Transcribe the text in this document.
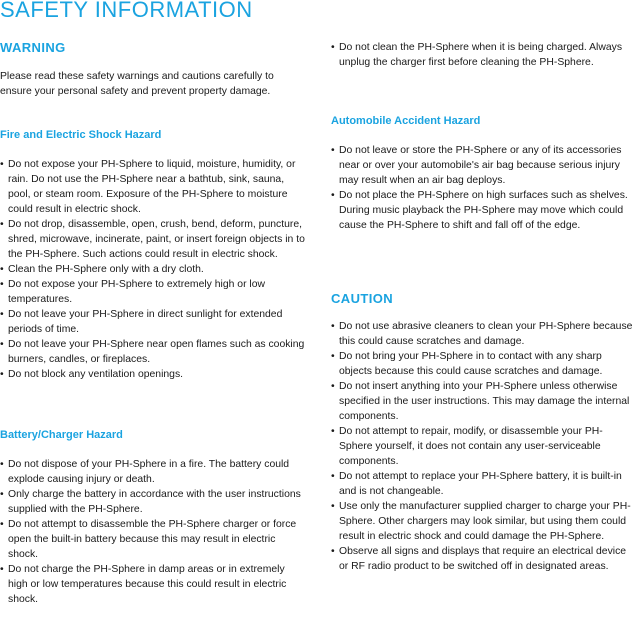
SAFETY INFORMATION
WARNING
Please read these safety warnings and cautions carefully to ensure your personal safety and prevent property damage.
Fire and Electric Shock Hazard
• Do not expose your PH-Sphere to liquid, moisture, humidity, or rain. Do not use the PH-Sphere near a bathtub, sink, sauna, pool, or steam room. Exposure of the PH-Sphere to moisture could result in electric shock.
• Do not drop, disassemble, open, crush, bend, deform, puncture, shred, microwave, incinerate, paint, or insert foreign objects in to the PH-Sphere. Such actions could result in electric shock.
• Clean the PH-Sphere only with a dry cloth.
• Do not expose your PH-Sphere to extremely high or low temperatures.
• Do not leave your PH-Sphere in direct sunlight for extended periods of time.
• Do not leave your PH-Sphere near open flames such as cooking burners, candles, or fireplaces.
• Do not block any ventilation openings.
Battery/Charger Hazard
• Do not dispose of your PH-Sphere in a fire. The battery could explode causing injury or death.
• Only charge the battery in accordance with the user instructions supplied with the PH-Sphere.
• Do not attempt to disassemble the PH-Sphere charger or force open the built-in battery because this may result in electric shock.
• Do not charge the PH-Sphere in damp areas or in extremely high or low temperatures because this could result in electric shock.
• Do not clean the PH-Sphere when it is being charged. Always unplug the charger first before cleaning the PH-Sphere.
Automobile Accident Hazard
• Do not leave or store the PH-Sphere or any of its accessories near or over your automobile's air bag because serious injury may result when an air bag deploys.
• Do not place the PH-Sphere on high surfaces such as shelves. During music playback the PH-Sphere may move which could cause the PH-Sphere to shift and fall off of the edge.
CAUTION
• Do not use abrasive cleaners to clean your PH-Sphere because this could cause scratches and damage.
• Do not bring your PH-Sphere in to contact with any sharp objects because this could cause scratches and damage.
• Do not insert anything into your PH-Sphere unless otherwise specified in the user instructions. This may damage the internal components.
• Do not attempt to repair, modify, or disassemble your PH-Sphere yourself, it does not contain any user-serviceable components.
• Do not attempt to replace your PH-Sphere battery, it is built-in and is not changeable.
• Use only the manufacturer supplied charger to charge your PH-Sphere. Other chargers may look similar, but using them could result in electric shock and could damage the PH-Sphere.
• Observe all signs and displays that require an electrical device or RF radio product to be switched off in designated areas.
